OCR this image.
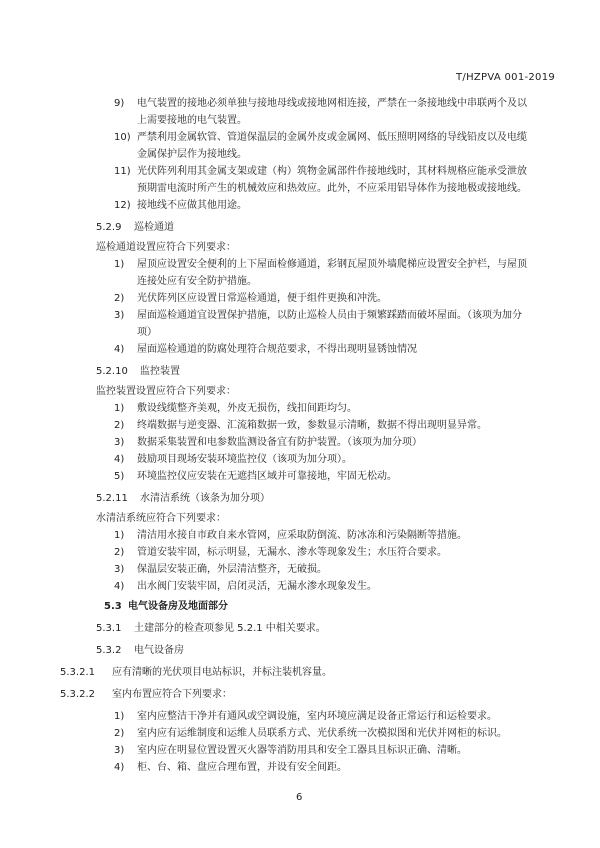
T/HZPVA 001-2019
9) 电气装置的接地必须单独与接地母线或接地网相连接，严禁在一条接地线中串联两个及以
上需要接地的电气装置。
10) 严禁利用金属软管、管道保温层的金属外皮或金属网、低压照明网络的导线铅皮以及电缆
金属保护层作为接地线。
11) 光伏阵列利用其金属支架或建（构）筑物金属部件作接地线时，其材料规格应能承受泄放
预期雷电流时所产生的机械效应和热效应。此外，不应采用铝导体作为接地极或接地线。
12) 接地线不应做其他用途。
5.2.9 巡检通道
巡检通道设置应符合下列要求：
1) 屋顶应设置安全便利的上下屋面检修通道，彩钢瓦屋顶外墙爬梯应设置安全护栏，与屋顶
连接处应有安全防护措施。
2) 光伏阵列区应设置日常巡检通道，便于组件更换和冲洗。
3) 屋面巡检通道宜设置保护措施，以防止巡检人员由于频繁踩踏而破坏屋面。（该项为加分
项）
4) 屋面巡检通道的防腐处理符合规范要求，不得出现明显锈蚀情况
5.2.10 监控装置
监控装置设置应符合下列要求：
1) 敷设线缆整齐美观，外皮无损伤，线扣间距均匀。
2) 终端数据与逆变器、汇流箱数据一致，参数显示清晰，数据不得出现明显异常。
3) 数据采集装置和电参数监测设备宜有防护装置。（该项为加分项）
4) 鼓励项目现场安装环境监控仪（该项为加分项）。
5) 环境监控仪应安装在无遮挡区域并可靠接地，牢固无松动。
5.2.11 水清洁系统（该条为加分项）
水清洁系统应符合下列要求：
1) 清洁用水接自市政自来水管网，应采取防倒流、防冰冻和污染隔断等措施。
2) 管道安装牢固，标示明显，无漏水、渗水等现象发生；水压符合要求。
3) 保温层安装正确，外层清洁整齐，无破损。
4) 出水阀门安装牢固，启闭灵活，无漏水渗水现象发生。
5.3 电气设备房及地面部分
5.3.1 土建部分的检查项参见 5.2.1 中相关要求。
5.3.2 电气设备房
5.3.2.1 应有清晰的光伏项目电站标识，并标注装机容量。
5.3.2.2 室内布置应符合下列要求：
1) 室内应整洁干净并有通风或空调设施，室内环境应满足设备正常运行和运检要求。
2) 室内应有运维制度和运维人员联系方式、光伏系统一次模拟图和光伏并网柜的标识。
3) 室内应在明显位置设置灭火器等消防用具和安全工器具且标识正确、清晰。
4) 柜、台、箱、盘应合理布置，并设有安全间距。
6
